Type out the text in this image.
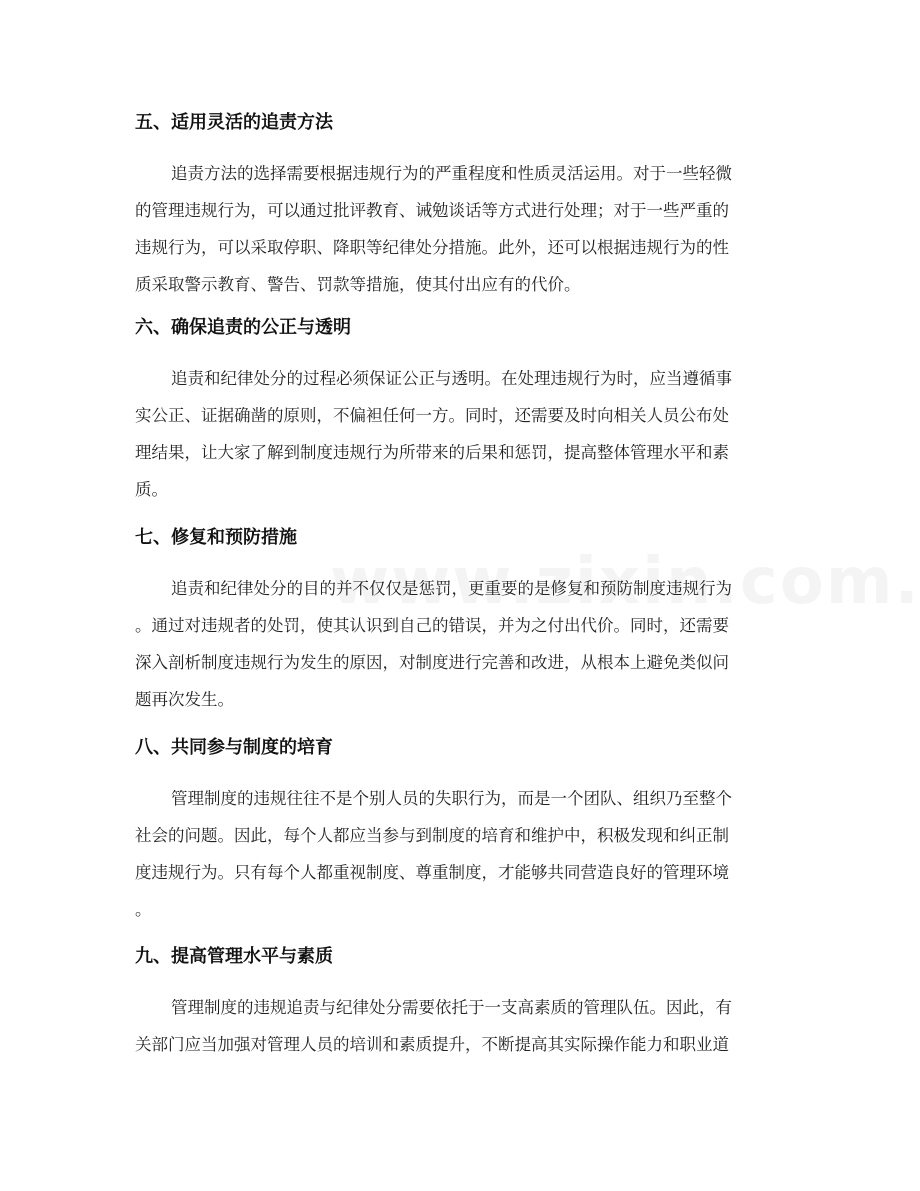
五、适用灵活的追责方法

追责方法的选择需要根据违规行为的严重程度和性质灵活运用。对于一些轻微
的管理违规行为，可以通过批评教育、诫勉谈话等方式进行处理；对于一些严重的
违规行为，可以采取停职、降职等纪律处分措施。此外，还可以根据违规行为的性
质采取警示教育、警告、罚款等措施，使其付出应有的代价。

六、确保追责的公正与透明

追责和纪律处分的过程必须保证公正与透明。在处理违规行为时，应当遵循事
实公正、证据确凿的原则，不偏袒任何一方。同时，还需要及时向相关人员公布处
理结果，让大家了解到制度违规行为所带来的后果和惩罚，提高整体管理水平和素
质。

七、修复和预防措施

追责和纪律处分的目的并不仅仅是惩罚，更重要的是修复和预防制度违规行为
。通过对违规者的处罚，使其认识到自己的错误，并为之付出代价。同时，还需要
深入剖析制度违规行为发生的原因，对制度进行完善和改进，从根本上避免类似问
题再次发生。

八、共同参与制度的培育

管理制度的违规往往不是个别人员的失职行为，而是一个团队、组织乃至整个
社会的问题。因此，每个人都应当参与到制度的培育和维护中，积极发现和纠正制
度违规行为。只有每个人都重视制度、尊重制度，才能够共同营造良好的管理环境
。

九、提高管理水平与素质

管理制度的违规追责与纪律处分需要依托于一支高素质的管理队伍。因此，有
关部门应当加强对管理人员的培训和素质提升，不断提高其实际操作能力和职业道
